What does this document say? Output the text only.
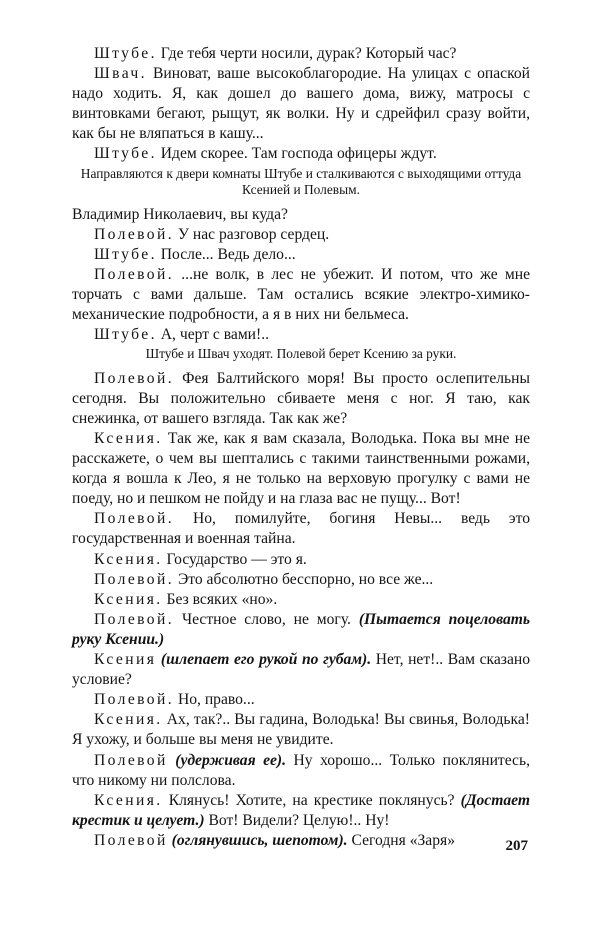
Штубе. Где тебя черти носили, дурак? Который час?

Швач. Виноват, ваше высокоблагородие. На улицах с опаской надо ходить. Я, как дошел до вашего дома, вижу, матросы с винтовками бегают, рыщут, як волки. Ну и сдрейфил сразу войти, как бы не вляпаться в кашу...

Штубе. Идем скорее. Там господа офицеры ждут.

Направляются к двери комнаты Штубе и сталкиваются с выходящими оттуда Ксенией и Полевым.

Владимир Николаевич, вы куда?

Полевой. У нас разговор сердец.

Штубе. После... Ведь дело...

Полевой. ...не волк, в лес не убежит. И потом, что же мне торчать с вами дальше. Там остались всякие электро-химико-механические подробности, а я в них ни бельмеса.

Штубе. А, черт с вами!..

Штубе и Швач уходят. Полевой берет Ксению за руки.

Полевой. Фея Балтийского моря! Вы просто ослепительны сегодня. Вы положительно сбиваете меня с ног. Я таю, как снежинка, от вашего взгляда. Так как же?

Ксения. Так же, как я вам сказала, Володька. Пока вы мне не расскажете, о чем вы шептались с такими таинственными рожами, когда я вошла к Лео, я не только на верховую прогулку с вами не поеду, но и пешком не пойду и на глаза вас не пущу... Вот!

Полевой. Но, помилуйте, богиня Невы... ведь это государственная и военная тайна.

Ксения. Государство — это я.

Полевой. Это абсолютно бесспорно, но все же...

Ксения. Без всяких «но».

Полевой. Честное слово, не могу. (Пытается поцеловать руку Ксении.)

Ксения (шлепает его рукой по губам). Нет, нет!.. Вам сказано условие?

Полевой. Но, право...

Ксения. Ах, так?.. Вы гадина, Володька! Вы свинья, Володька! Я ухожу, и больше вы меня не увидите.

Полевой (удерживая ее). Ну хорошо... Только поклянитесь, что никому ни полслова.

Ксения. Клянусь! Хотите, на крестике поклянусь? (Достает крестик и целует.) Вот! Видели? Целую!.. Ну!

Полевой (оглянувшись, шепотом). Сегодня «Заря»	207
